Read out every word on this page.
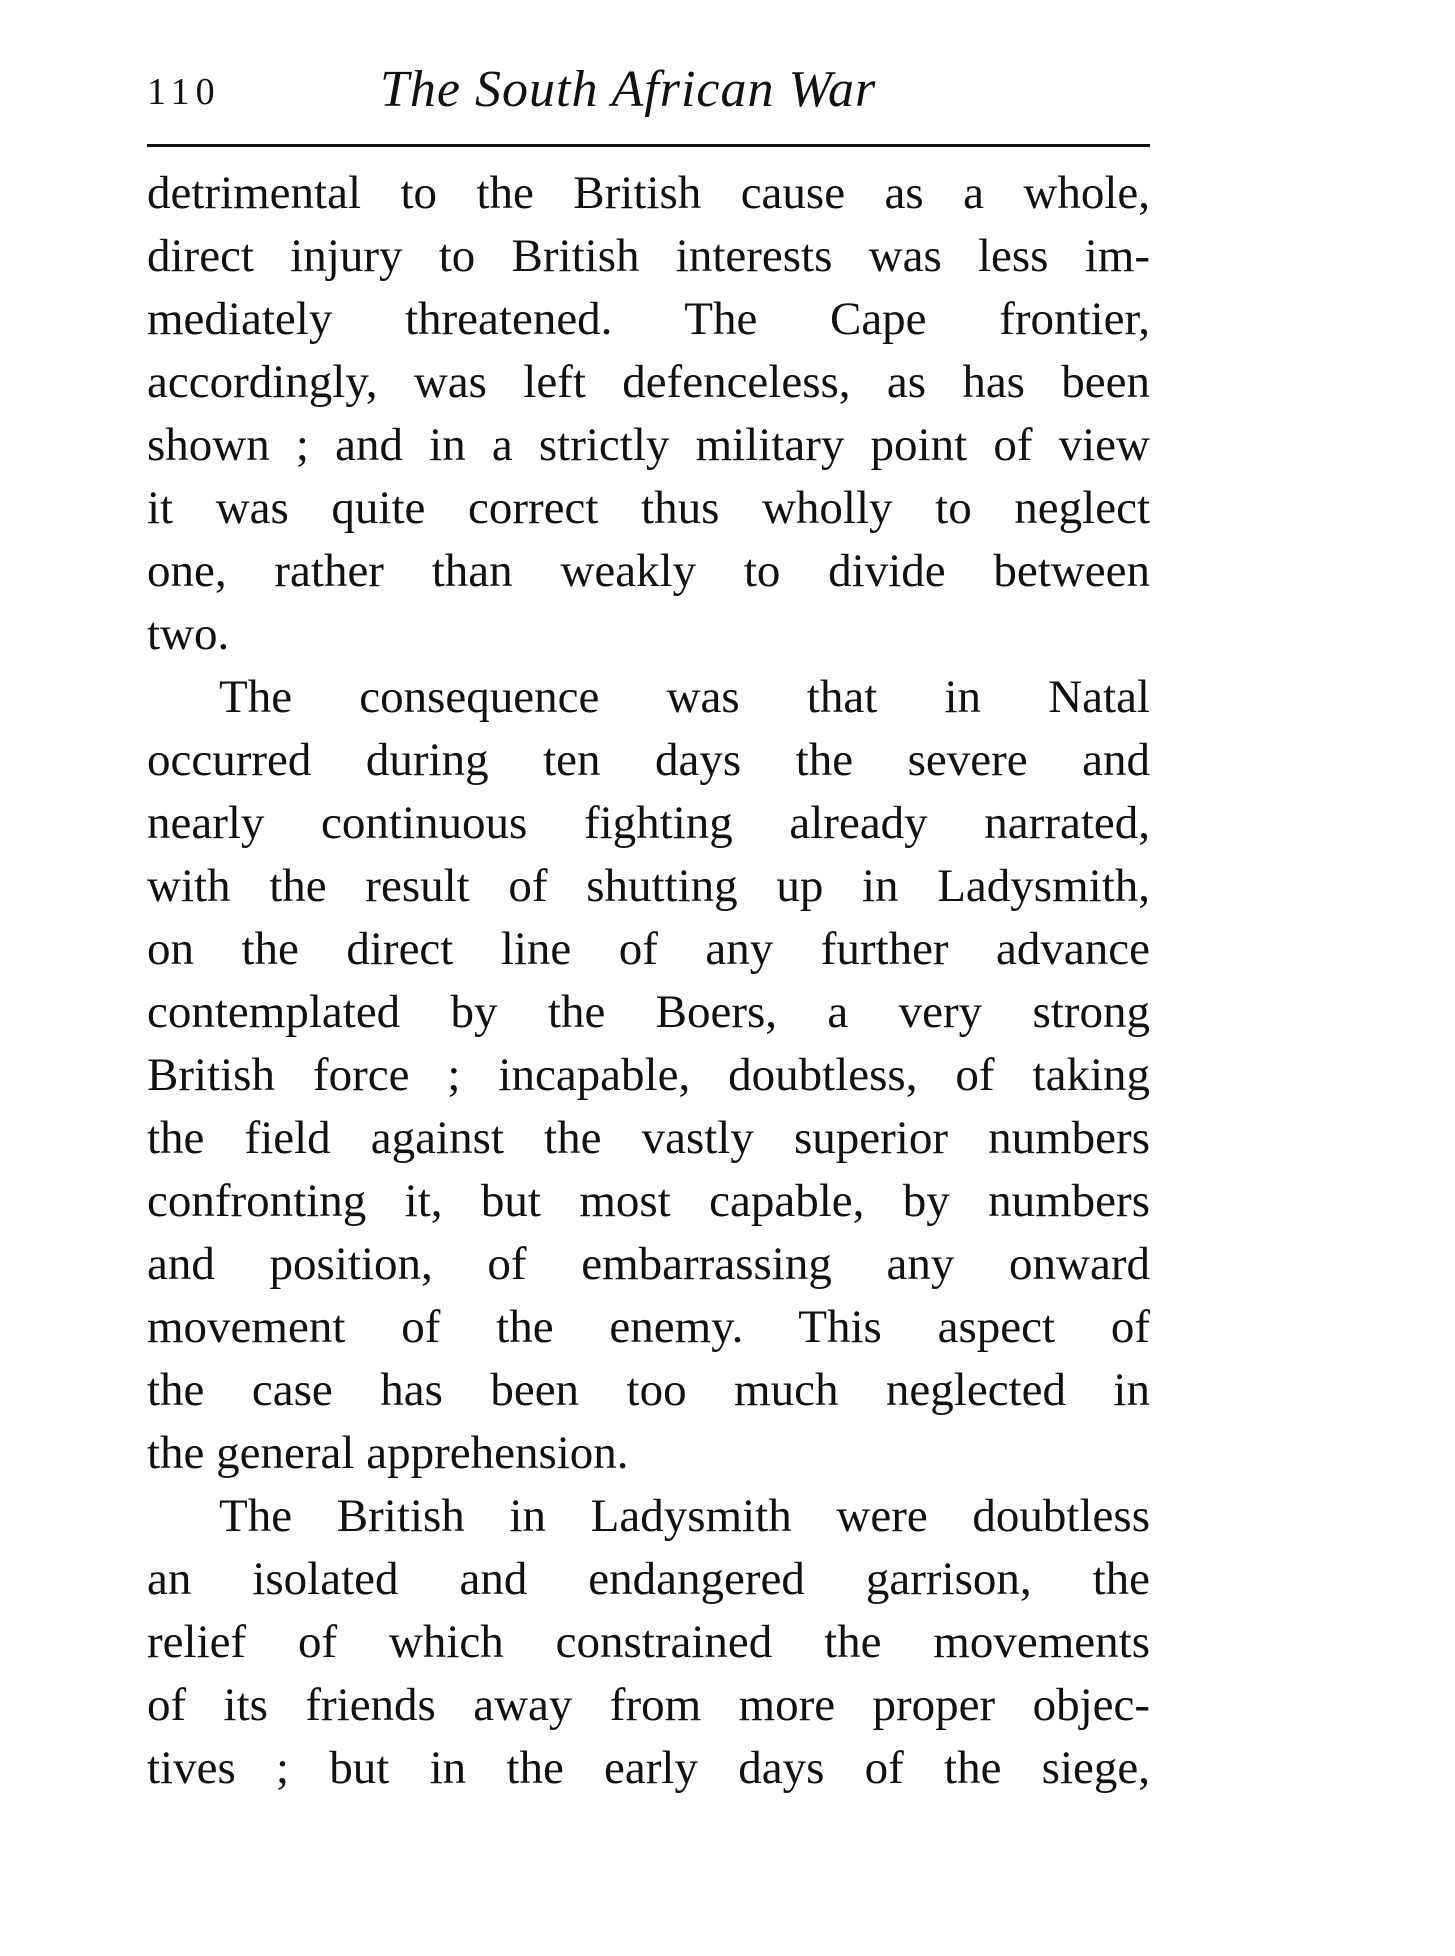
110	The South African War
detrimental to the British cause as a whole,
direct injury to British interests was less im-
mediately threatened. The Cape frontier,
accordingly, was left defenceless, as has been
shown ; and in a strictly military point of view
it was quite correct thus wholly to neglect
one, rather than weakly to divide between
two.
The consequence was that in Natal
occurred during ten days the severe and
nearly continuous fighting already narrated,
with the result of shutting up in Ladysmith,
on the direct line of any further advance
contemplated by the Boers, a very strong
British force ; incapable, doubtless, of taking
the field against the vastly superior numbers
confronting it, but most capable, by numbers
and position, of embarrassing any onward
movement of the enemy. This aspect of
the case has been too much neglected in
the general apprehension.
The British in Ladysmith were doubtless
an isolated and endangered garrison, the
relief of which constrained the movements
of its friends away from more proper objec-
tives ; but in the early days of the siege,
